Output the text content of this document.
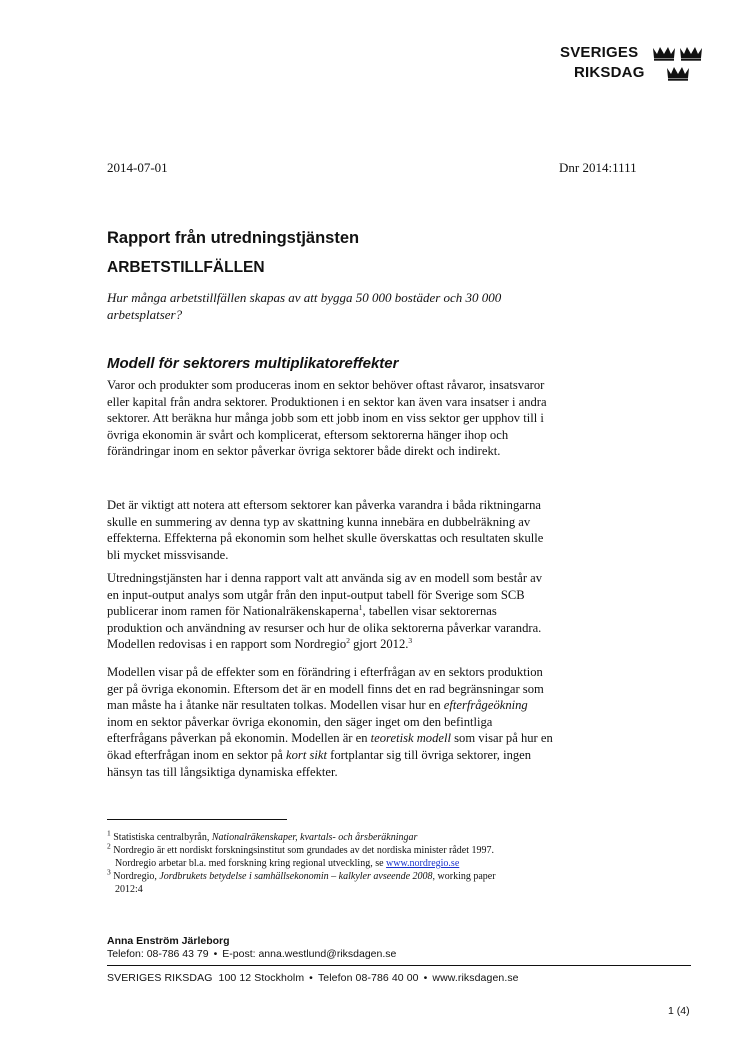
SVERIGES
RIKSDAG
2014-07-01	Dnr 2014:1111
Rapport från utredningstjänsten
ARBETSTILLFÄLLEN
Hur många arbetstillfällen skapas av att bygga 50 000 bostäder och 30 000 arbetsplatser?
Modell för sektorers multiplikatoreffekter
Varor och produkter som produceras inom en sektor behöver oftast råvaror, insatsvaror eller kapital från andra sektorer. Produktionen i en sektor kan även vara insatser i andra sektorer. Att beräkna hur många jobb som ett jobb inom en viss sektor ger upphov till i övriga ekonomin är svårt och komplicerat, eftersom sektorerna hänger ihop och förändringar inom en sektor påverkar övriga sektorer både direkt och indirekt.
Det är viktigt att notera att eftersom sektorer kan påverka varandra i båda riktningarna skulle en summering av denna typ av skattning kunna innebära en dubbelräkning av effekterna. Effekterna på ekonomin som helhet skulle överskattas och resultaten skulle bli mycket missvisande.
Utredningstjänsten har i denna rapport valt att använda sig av en modell som består av en input-output analys som utgår från den input-output tabell för Sverige som SCB publicerar inom ramen för Nationalräkenskaperna$^1$, tabellen visar sektorernas produktion och användning av resurser och hur de olika sektorerna påverkar varandra. Modellen redovisas i en rapport som Nordregio$^2$ gjort 2012.$^3$
Modellen visar på de effekter som en förändring i efterfrågan av en sektors produktion ger på övriga ekonomin. Eftersom det är en modell finns det en rad begränsningar som man måste ha i åtanke när resultaten tolkas. Modellen visar hur en efterfrågeökning inom en sektor påverkar övriga ekonomin, den säger inget om den befintliga efterfrågans påverkan på ekonomin. Modellen är en teoretisk modell som visar på hur en ökad efterfrågan inom en sektor på kort sikt fortplantar sig till övriga sektorer, ingen hänsyn tas till långsiktiga dynamiska effekter.
$^1$ Statistiska centralbyrån, Nationalräkenskaper, kvartals- och årsberäkningar
$^2$ Nordregio är ett nordiskt forskningsinstitut som grundades av det nordiska minister rådet 1997.
Nordregio arbetar bl.a. med forskning kring regional utveckling, se www.nordregio.se
$^3$ Nordregio, Jordbrukets betydelse i samhällsekonomin – kalkyler avseende 2008, working paper
2012:4
Anna Enström Järleborg
Telefon: 08-786 43 79 • E-post: anna.westlund@riksdagen.se
SVERIGES RIKSDAG 100 12 Stockholm • Telefon 08-786 40 00 • www.riksdagen.se
1 (4)
